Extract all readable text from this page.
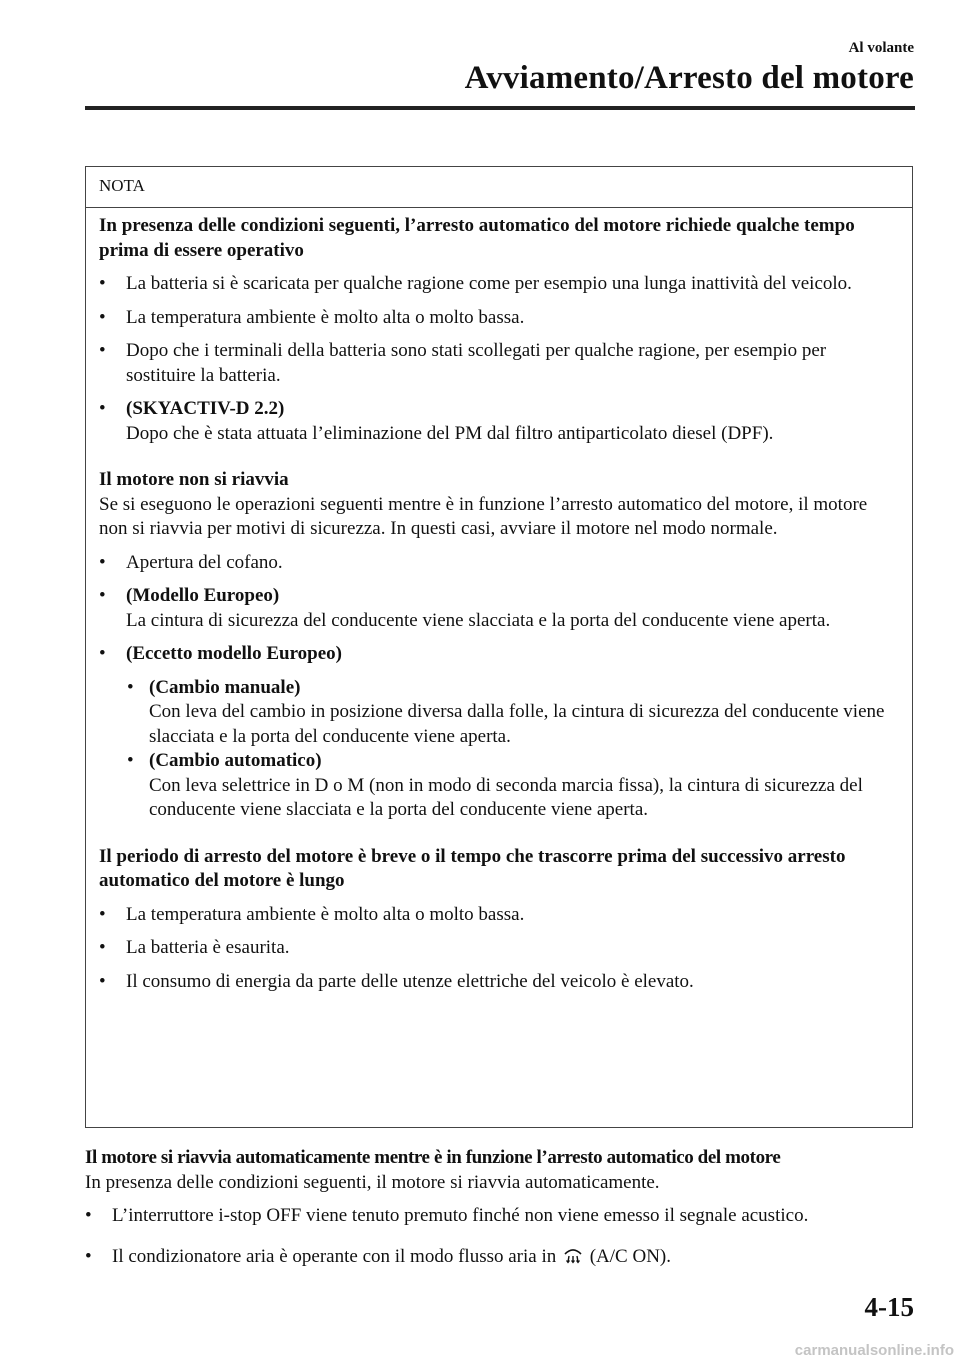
Al volante
Avviamento/Arresto del motore
NOTA

In presenza delle condizioni seguenti, l’arresto automatico del motore richiede qualche tempo prima di essere operativo

• La batteria si è scaricata per qualche ragione come per esempio una lunga inattività del veicolo.
• La temperatura ambiente è molto alta o molto bassa.
• Dopo che i terminali della batteria sono stati scollegati per qualche ragione, per esempio per sostituire la batteria.
• (SKYACTIV-D 2.2)
Dopo che è stata attuata l’eliminazione del PM dal filtro antiparticolato diesel (DPF).

Il motore non si riavvia

Se si eseguono le operazioni seguenti mentre è in funzione l’arresto automatico del motore, il motore non si riavvia per motivi di sicurezza. In questi casi, avviare il motore nel modo normale.

• Apertura del cofano.
• (Modello Europeo)
La cintura di sicurezza del conducente viene slacciata e la porta del conducente viene aperta.
• (Eccetto modello Europeo)
• (Cambio manuale)
Con leva del cambio in posizione diversa dalla folle, la cintura di sicurezza del conducente viene slacciata e la porta del conducente viene aperta.
• (Cambio automatico)
Con leva selettrice in D o M (non in modo di seconda marcia fissa), la cintura di sicurezza del conducente viene slacciata e la porta del conducente viene aperta.

Il periodo di arresto del motore è breve o il tempo che trascorre prima del successivo arresto automatico del motore è lungo

• La temperatura ambiente è molto alta o molto bassa.
• La batteria è esaurita.
• Il consumo di energia da parte delle utenze elettriche del veicolo è elevato.

Il motore si riavvia automaticamente mentre è in funzione l’arresto automatico del motore

In presenza delle condizioni seguenti, il motore si riavvia automaticamente.

• L’interruttore i-stop OFF viene tenuto premuto finché non viene emesso il segnale acustico.
• Il condizionatore aria è operante con il modo flusso aria in (A/C ON).
4-15
carmanualsonline.info
